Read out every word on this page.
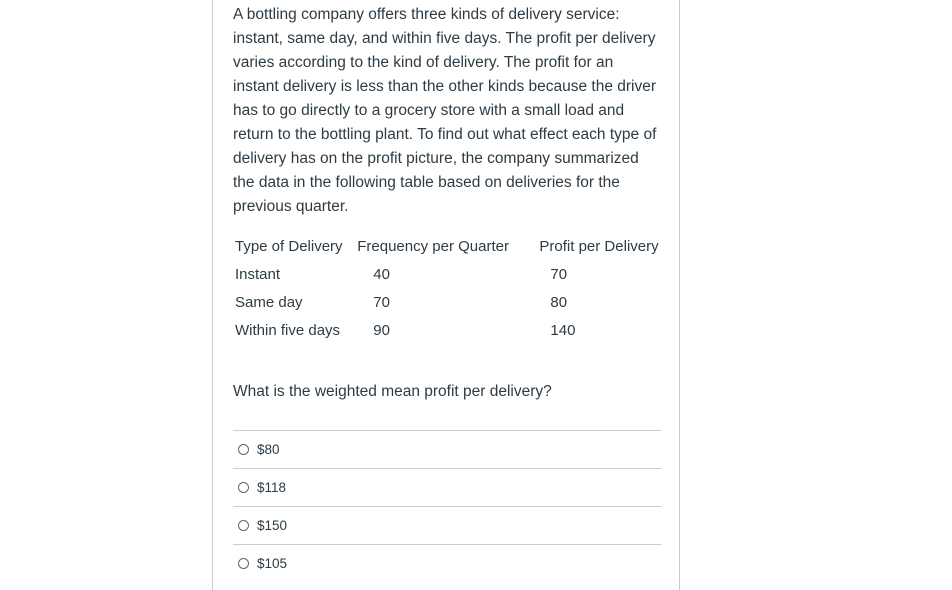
A bottling company offers three kinds of delivery service: instant, same day, and within five days. The profit per delivery varies according to the kind of delivery. The profit for an instant delivery is less than the other kinds because the driver has to go directly to a grocery store with a small load and return to the bottling plant. To find out what effect each type of delivery has on the profit picture, the company summarized the data in the following table based on deliveries for the previous quarter.

Type of Delivery	Frequency per Quarter	Profit per Delivery
Instant	40	70
Same day	70	80
Within five days	90	140

What is the weighted mean profit per delivery?

$80
$118
$150
$105
